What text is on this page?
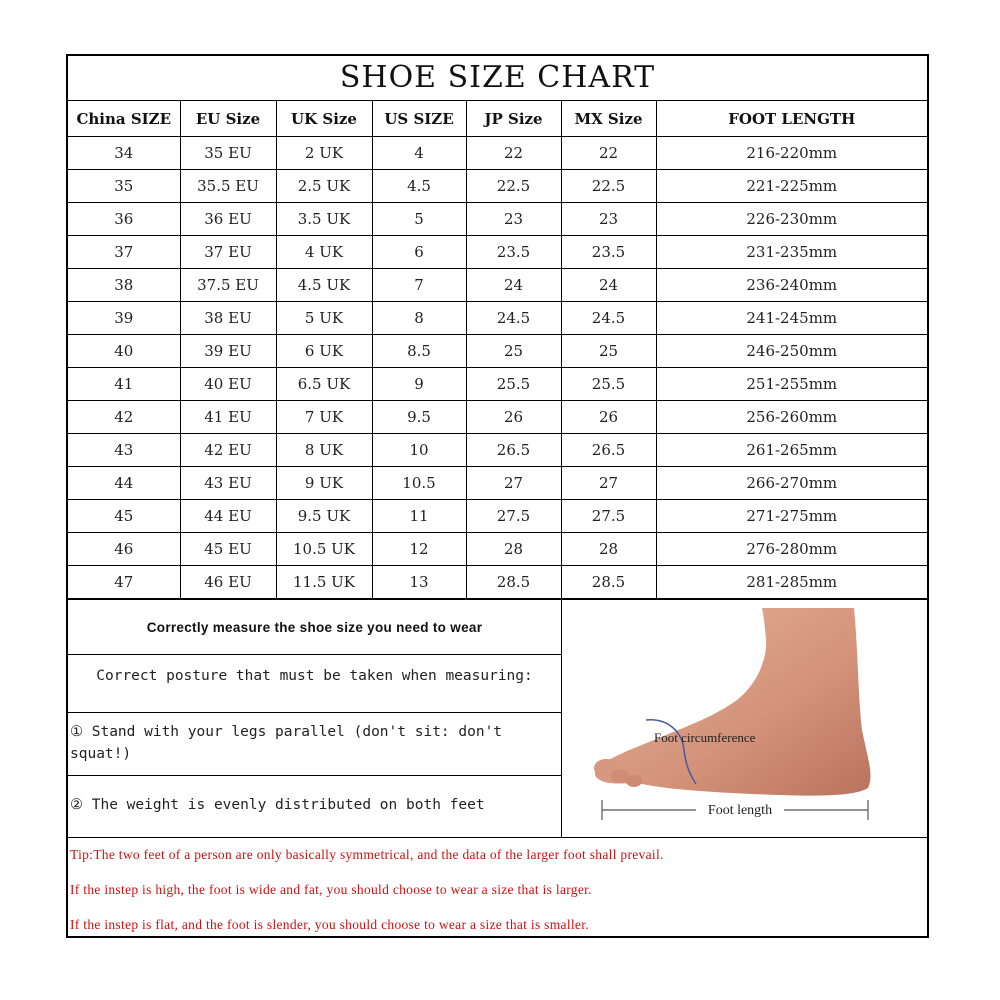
SHOE SIZE CHART
China SIZE	EU Size	UK Size	US SIZE	JP Size	MX Size	FOOT LENGTH
34	35 EU	2 UK	4	22	22	216-220mm
35	35.5 EU	2.5 UK	4.5	22.5	22.5	221-225mm
36	36 EU	3.5 UK	5	23	23	226-230mm
37	37 EU	4 UK	6	23.5	23.5	231-235mm
38	37.5 EU	4.5 UK	7	24	24	236-240mm
39	38 EU	5 UK	8	24.5	24.5	241-245mm
40	39 EU	6 UK	8.5	25	25	246-250mm
41	40 EU	6.5 UK	9	25.5	25.5	251-255mm
42	41 EU	7 UK	9.5	26	26	256-260mm
43	42 EU	8 UK	10	26.5	26.5	261-265mm
44	43 EU	9 UK	10.5	27	27	266-270mm
45	44 EU	9.5 UK	11	27.5	27.5	271-275mm
46	45 EU	10.5 UK	12	28	28	276-280mm
47	46 EU	11.5 UK	13	28.5	28.5	281-285mm
Correctly measure the shoe size you need to wear
Correct posture that must be taken when measuring:
① Stand with your legs parallel (don't sit: don't squat!)
② The weight is evenly distributed on both feet
Foot circumference
Foot length
Tip:The two feet of a person are only basically symmetrical, and the data of the larger foot shall prevail.
If the instep is high, the foot is wide and fat, you should choose to wear a size that is larger.
If the instep is flat, and the foot is slender, you should choose to wear a size that is smaller.
